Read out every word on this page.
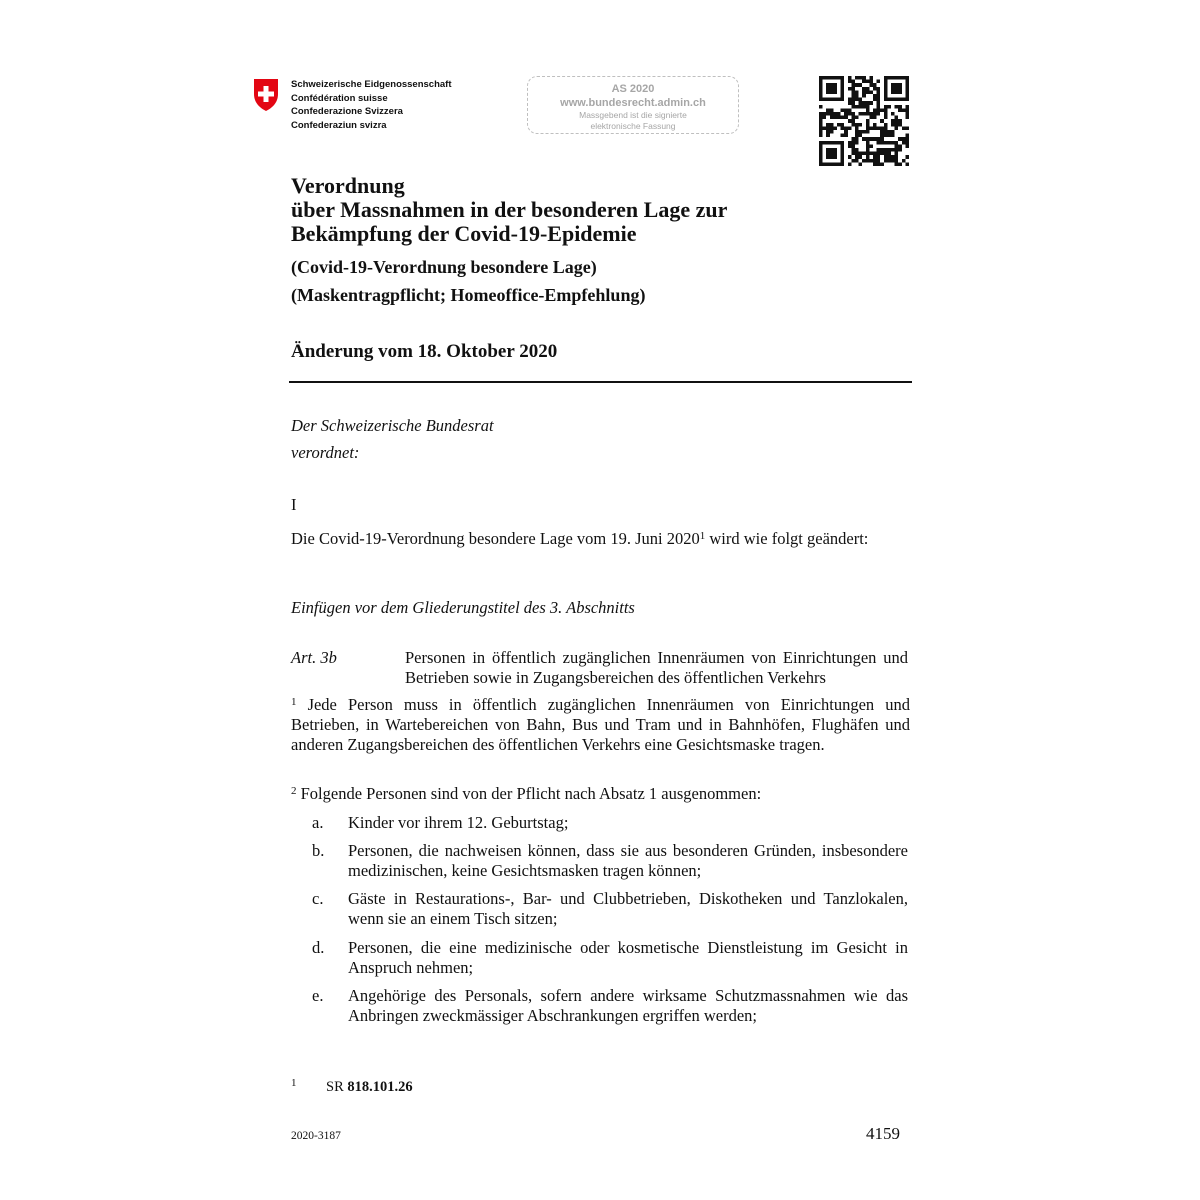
Schweizerische Eidgenossenschaft
Confédération suisse
Confederazione Svizzera
Confederaziun svizra
AS 2020
www.bundesrecht.admin.ch
Massgebend ist die signierte
elektronische Fassung
Verordnung
über Massnahmen in der besonderen Lage zur
Bekämpfung der Covid-19-Epidemie
(Covid-19-Verordnung besondere Lage)
(Maskentragpflicht; Homeoffice-Empfehlung)
Änderung vom 18. Oktober 2020
Der Schweizerische Bundesrat
verordnet:
I
Die Covid-19-Verordnung besondere Lage vom 19. Juni 2020$^1$ wird wie folgt geändert:
Einfügen vor dem Gliederungstitel des 3. Abschnitts
Art. 3b	Personen in öffentlich zugänglichen Innenräumen von Einrichtungen und Betrieben sowie in Zugangsbereichen des öffentlichen Verkehrs
$^1$ Jede Person muss in öffentlich zugänglichen Innenräumen von Einrichtungen und Betrieben, in Wartebereichen von Bahn, Bus und Tram und in Bahnhöfen, Flughäfen und anderen Zugangsbereichen des öffentlichen Verkehrs eine Gesichtsmaske tragen.
$^2$ Folgende Personen sind von der Pflicht nach Absatz 1 ausgenommen:
a. Kinder vor ihrem 12. Geburtstag;
b. Personen, die nachweisen können, dass sie aus besonderen Gründen, insbesondere medizinischen, keine Gesichtsmasken tragen können;
c. Gäste in Restaurations-, Bar- und Clubbetrieben, Diskotheken und Tanzlokalen, wenn sie an einem Tisch sitzen;
d. Personen, die eine medizinische oder kosmetische Dienstleistung im Gesicht in Anspruch nehmen;
e. Angehörige des Personals, sofern andere wirksame Schutzmassnahmen wie das Anbringen zweckmässiger Abschrankungen ergriffen werden;
1 SR 818.101.26
2020-3187	4159
